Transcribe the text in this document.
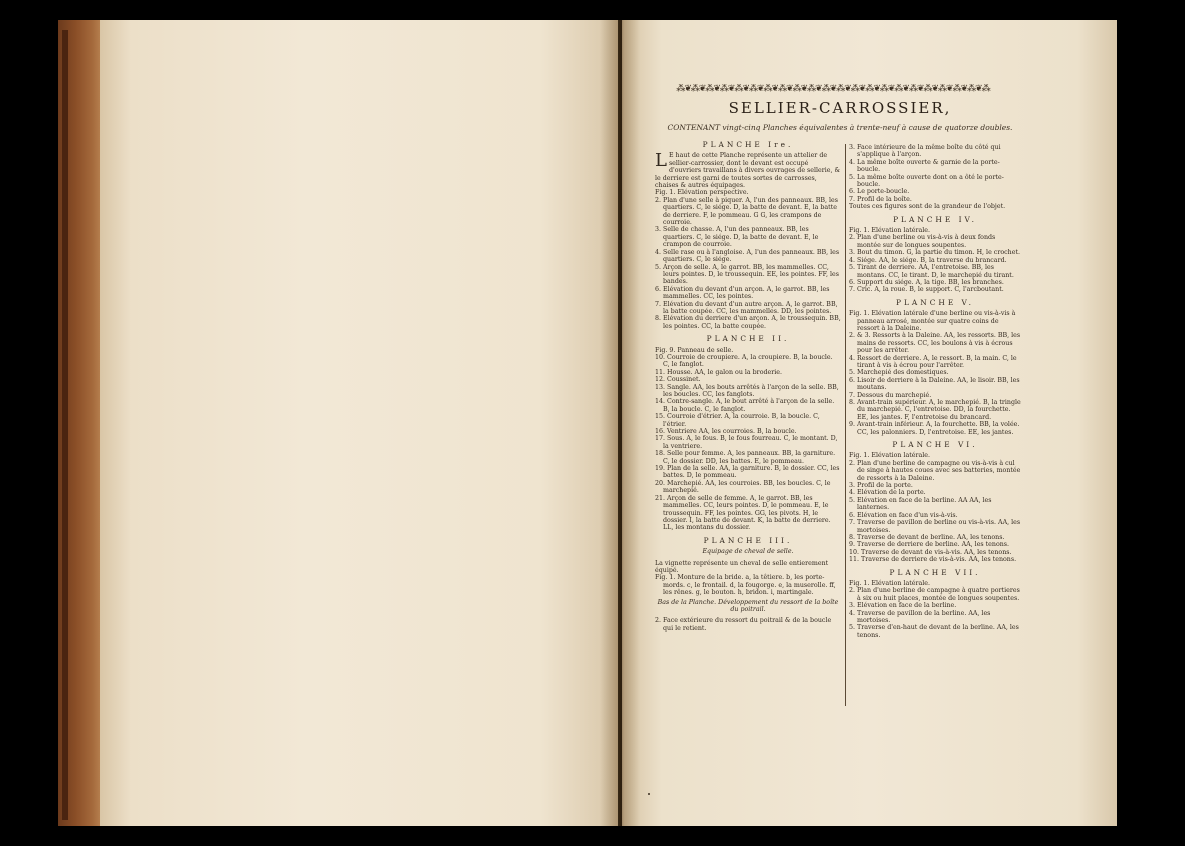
⁂❦⁂❦⁂❦⁂❦⁂❦⁂❦⁂❦⁂❦⁂❦⁂❦⁂❦⁂❦⁂❦⁂❦⁂❦⁂❦⁂❦⁂❦⁂❦⁂❦⁂❦⁂
SELLIER-CARROSSIER,
CONTENANT vingt-cinq Planches équivalentes à trente-neuf à cause de quatorze doubles.
PLANCHE Ire.

L E haut de cette Planche représente un attelier de sellier-carrossier, dont le devant est occupé d'ouvriers travaillans à divers ouvrages de sellerie, & le derriere est garni de toutes sortes de carrosses, chaises & autres équipages.

Fig. 1. Elévation perspective.

2. Plan d'une selle à piquer. A, l'un des panneaux. BB, les quartiers. C, le siége. D, la batte de devant. E, la batte de derriere. F, le pommeau. G G, les crampons de courroie.

3. Selle de chasse. A, l'un des panneaux. BB, les quartiers. C, le siége. D, la batte de devant. E, le crampon de courroie.

4. Selle rase ou à l'angloise. A, l'un des panneaux. BB, les quartiers. C, le siége.

5. Arçon de selle. A, le garrot. BB, les mammelles. CC, leurs pointes. D, le troussequin. EE, les pointes. FF, les bandes.

6. Elévation du devant d'un arçon. A, le garrot. BB, les mammelles. CC, les pointes.

7. Elévation du devant d'un autre arçon. A, le garrot. BB, la batte coupée. CC, les mammelles. DD, les pointes.

8. Elévation du derriere d'un arçon. A, le troussequin. BB, les pointes. CC, la batte coupée.

PLANCHE II.

Fig. 9. Panneau de selle.

10. Courroie de croupiere. A, la croupiere. B, la boucle. C, le fanglot.

11. Housse. AA, le galon ou la broderie.

12. Coussinet.

13. Sangle. AA, les bouts arrêtés à l'arçon de la selle. BB, les boucles. CC, les fanglots.

14. Contre-sangle. A, le bout arrêté à l'arçon de la selle. B, la boucle. C, le fanglot.

15. Courroie d'étrier. A, la courroie. B, la boucle. C, l'étrier.

16. Ventriere AA, les courroies. B, la boucle.

17. Sous. A, le fous. B, le fous fourreau. C, le montant. D, la ventriere.

18. Selle pour femme. A, les panneaux. BB, la garniture. C, le dossier. DD, les battes. E, le pommeau.

19. Plan de la selle. AA, la garniture. B, le dossier. CC, les battes. D, le pommeau.

20. Marchepié. AA, les courroies. BB, les boucles. C, le marchepié.

21. Arçon de selle de femme. A, le garrot. BB, les mammelles. CC, leurs pointes. D, le pommeau. E, le troussequin. FF, les pointes. GG, les pivots. H, le dossier. I, la batte de devant. K, la batte de derriere. LL, les montans du dossier.

PLANCHE III.
Equipage de cheval de selle.

La vignette représente un cheval de selle entierement équipé.

Fig. 1. Monture de la bride. a, la têtiere. b, les porte-mords. c, le frontail. d, la fougorge. e, la muserolle. ff, les rênes. g, le bouton. h, bridon. i, martingale.

Bas de la Planche. Développement du ressort de la boîte du poitrail.

2. Face extérieure du ressort du poitrail & de la boucle qui le retient.

3. Face intérieure de la même boîte du côté qui s'applique à l'arçon.

4. La même boîte ouverte & garnie de la porte-boucle.

5. La même boîte ouverte dont on a ôté le porte-boucle.

6. Le porte-boucle.

7. Profil de la boîte.

Toutes ces figures sont de la grandeur de l'objet.

PLANCHE IV.

Fig. 1. Elévation latérale.

2. Plan d'une berline ou vis-à-vis à deux fonds montée sur de longues soupentes.

3. Bout du timon. G, la partie du timon. H, le crochet.

4. Siége. AA, le siége. B, la traverse du brancard.

5. Tirant de derriere. AA, l'entretoise. BB, les montans. CC, le tirant. D, le marchepié du tirant.

6. Support du siége. A, la tige. BB, les branches.

7. Cric. A, la roue. B, le support. C, l'arcboutant.

PLANCHE V.

Fig. 1. Elévation latérale d'une berline ou vis-à-vis à panneau arrosé, montée sur quatre coins de ressort à la Daleine.

2. & 3. Ressorts à la Daleine. AA, les ressorts. BB, les mains de ressorts. CC, les boulons à vis à écrous pour les arrêter.

4. Ressort de derriere. A, le ressort. B, la main. C, le tirant à vis à écrou pour l'arrêter.

5. Marchepié des domestiques.

6. Lisoir de derriere à la Daleine. AA, le lisoir. BB, les moutans.

7. Dessous du marchepié.

8. Avant-train supérieur. A, le marchepié. B, la tringle du marchepié. C, l'entretoise. DD, la fourchette. EE, les jantes. F, l'entretoise du brancard.

9. Avant-train inférieur. A, la fourchette. BB, la volée. CC, les palonniers. D, l'entretoise. EE, les jantes.

PLANCHE VI.

Fig. 1. Elévation latérale.

2. Plan d'une berline de campagne ou vis-à-vis à cul de singe à hautes coues avec ses batteries, montée de ressorts à la Daleine.

3. Profil de la porte.

4. Elévation de la porte.

5. Elévation en face de la berline. AA AA, les lanternes.

6. Elévation en face d'un vis-à-vis.

7. Traverse de pavillon de berline ou vis-à-vis. AA, les mortoises.

8. Traverse de devant de berline. AA, les tenons.

9. Traverse de derriere de berline. AA, les tenons.

10. Traverse de devant de vis-à-vis. AA, les tenons.

11. Traverse de derriere de vis-à-vis. AA, les tenons.

PLANCHE VII.

Fig. 1. Elévation latérale.

2. Plan d'une berline de campagne à quatre portieres à six ou huit places, montée de longues soupentes.

3. Elévation en face de la berline.

4. Traverse de pavillon de la berline. AA, les mortoises.

5. Traverse d'en-haut de devant de la berline. AA, les tenons.
